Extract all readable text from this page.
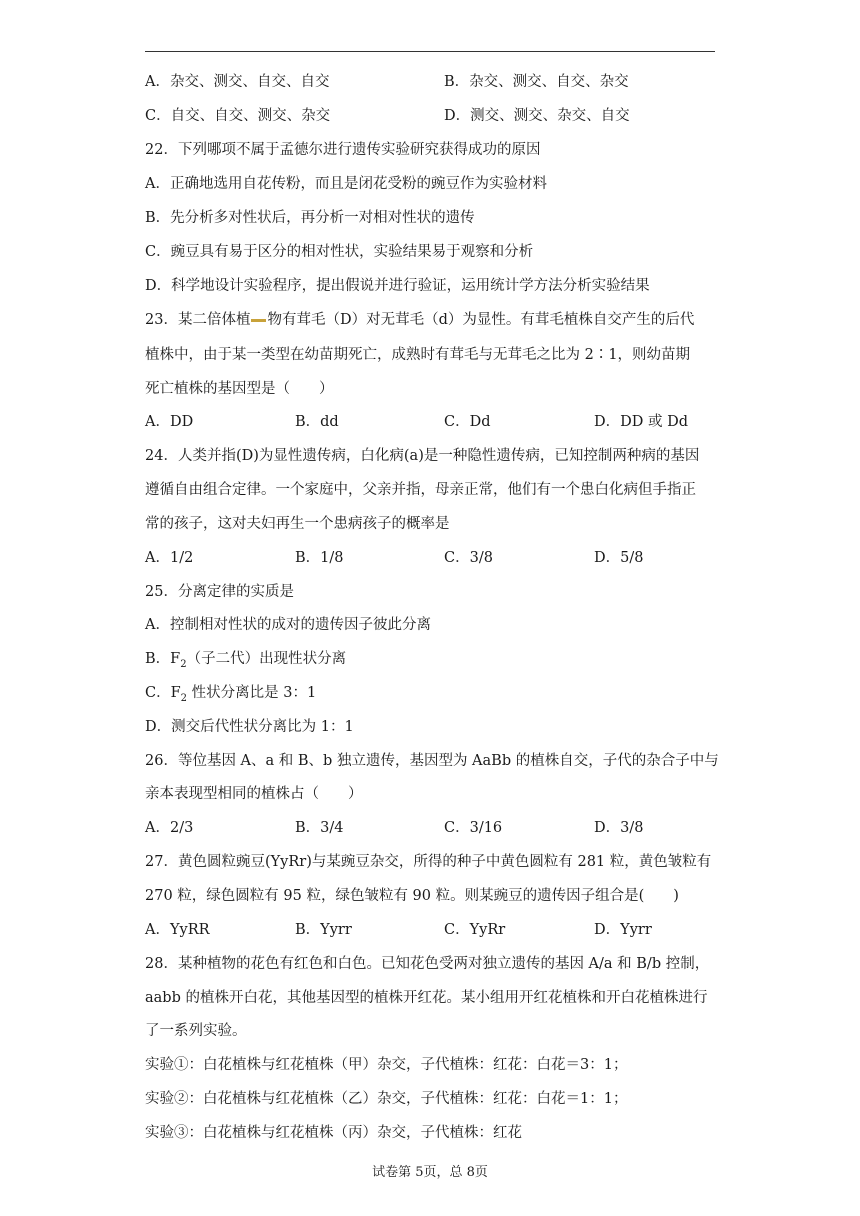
A．杂交、测交、自交、自交	B．杂交、测交、自交、杂交
C．自交、自交、测交、杂交	D．测交、测交、杂交、自交
22．下列哪项不属于孟德尔进行遗传实验研究获得成功的原因
A．正确地选用自花传粉，而且是闭花受粉的豌豆作为实验材料
B．先分析多对性状后，再分析一对相对性状的遗传
C．豌豆具有易于区分的相对性状，实验结果易于观察和分析
D．科学地设计实验程序，提出假说并进行验证，运用统计学方法分析实验结果
23．某二倍体植 物有茸毛（D）对无茸毛（d）为显性。有茸毛植株自交产生的后代
植株中，由于某一类型在幼苗期死亡，成熟时有茸毛与无茸毛之比为 2∶1，则幼苗期
死亡植株的基因型是（　　）
A．DD	B．dd	C．Dd	D．DD 或 Dd
24．人类并指(D)为显性遗传病，白化病(a)是一种隐性遗传病，已知控制两种病的基因
遵循自由组合定律。一个家庭中，父亲并指，母亲正常，他们有一个患白化病但手指正
常的孩子，这对夫妇再生一个患病孩子的概率是
A．1/2	B．1/8	C．3/8	D．5/8
25．分离定律的实质是
A．控制相对性状的成对的遗传因子彼此分离
B．$F_2$（子二代）出现性状分离
C．$F_2$ 性状分离比是 3：1
D．测交后代性状分离比为 1：1
26．等位基因 A、a 和 B、b 独立遗传，基因型为 AaBb 的植株自交，子代的杂合子中与
亲本表现型相同的植株占（　　）
A．2/3	B．3/4	C．3/16	D．3/8
27．黄色圆粒豌豆(YyRr)与某豌豆杂交，所得的种子中黄色圆粒有 281 粒，黄色皱粒有
270 粒，绿色圆粒有 95 粒，绿色皱粒有 90 粒。则某豌豆的遗传因子组合是(　　)
A．YyRR	B．Yyrr	C．YyRr	D．Yyrr
28．某种植物的花色有红色和白色。已知花色受两对独立遗传的基因 A/a 和 B/b 控制，
aabb 的植株开白花，其他基因型的植株开红花。某小组用开红花植株和开白花植株进行
了一系列实验。
实验①：白花植株与红花植株（甲）杂交，子代植株：红花：白花＝3：1；
实验②：白花植株与红花植株（乙）杂交，子代植株：红花：白花＝1：1；
实验③：白花植株与红花植株（丙）杂交，子代植株：红花
试卷第 5页，总 8页
